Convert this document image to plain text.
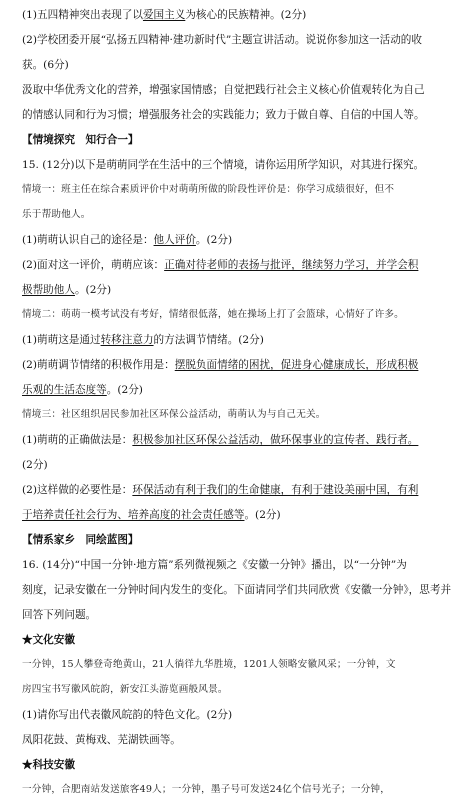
(1)五四精神突出表现了以爱国主义为核心的民族精神。(2分)

(2)学校团委开展“弘扬五四精神·建功新时代”主题宣讲活动。说说你参加这一活动的收

获。(6分)

汲取中华优秀文化的营养，增强家国情感；自觉把践行社会主义核心价值观转化为自己

的情感认同和行为习惯；增强服务社会的实践能力；致力于做自尊、自信的中国人等。

【情境探究　知行合一】

15. (12分)以下是萌萌同学在生活中的三个情境，请你运用所学知识，对其进行探究。

情境一：班主任在综合素质评价中对萌萌所做的阶段性评价是：你学习成绩很好，但不

乐于帮助他人。

(1)萌萌认识自己的途径是：他人评价。(2分)

(2)面对这一评价，萌萌应该：正确对待老师的表扬与批评，继续努力学习，并学会积

极帮助他人。(2分)

情境二：萌萌一模考试没有考好，情绪很低落，她在操场上打了会篮球，心情好了许多。

(1)萌萌这是通过转移注意力的方法调节情绪。(2分)

(2)萌萌调节情绪的积极作用是：摆脱负面情绪的困扰，促进身心健康成长，形成积极

乐观的生活态度等。(2分)

情境三：社区组织居民参加社区环保公益活动，萌萌认为与自己无关。

(1)萌萌的正确做法是：积极参加社区环保公益活动，做环保事业的宣传者、践行者。

(2分)

(2)这样做的必要性是：环保活动有利于我们的生命健康，有利于建设美丽中国，有利

于培养责任社会行为、培养高度的社会责任感等。(2分)

【情系家乡　同绘蓝图】

16. (14分)“中国一分钟·地方篇”系列微视频之《安徽一分钟》播出，以“一分钟”为

刻度，记录安徽在一分钟时间内发生的变化。下面请同学们共同欣赏《安徽一分钟》，思考并

回答下列问题。

★文化安徽

一分钟，15人攀登奇绝黄山，21人徜徉九华胜境，1201人领略安徽风采；一分钟，文

房四宝书写徽风皖韵，新安江头游览画般风景。

(1)请你写出代表徽风皖韵的特色文化。(2分)

凤阳花鼓、黄梅戏、芜湖铁画等。

★科技安徽

一分钟，合肥南站发送旅客49人；一分钟，墨子号可发送24亿个信号光子；一分钟，
